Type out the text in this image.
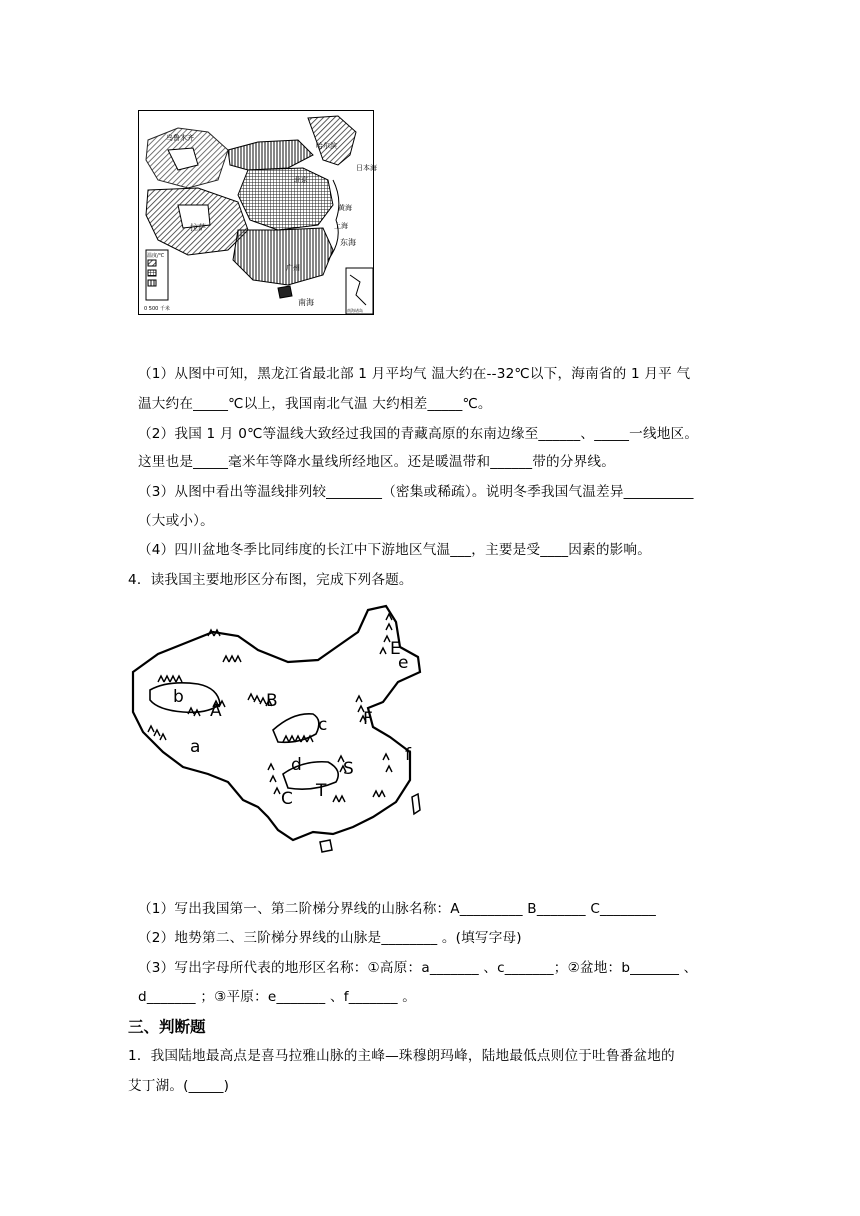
乌鲁木齐
哈尔滨
北京
日本海
黄海
拉萨	上海
东海
广州
南海
温度/℃
0 500 千米	南海诸岛
（1）从图中可知，黑龙江省最北部 1 月平均气 温大约在--32℃以下，海南省的 1 月平 气
温大约在_____℃以上，我国南北气温 大约相差_____℃。
（2）我国 1 月 0℃等温线大致经过我国的青藏高原的东南边缘至______、_____一线地区。
这里也是_____毫米年等降水量线所经地区。还是暖温带和______带的分界线。
（3）从图中看出等温线排列较________（密集或稀疏）。说明冬季我国气温差异__________
（大或小）。
（4）四川盆地冬季比同纬度的长江中下游地区气温___，主要是受____因素的影响。
4．读我国主要地形区分布图，完成下列各题。
A	B
C
E
F
S
T
a
b
c
d
e
f
（1）写出我国第一、第二阶梯分界线的山脉名称：A_________ B_______ C________
（2）地势第二、三阶梯分界线的山脉是________ 。(填写字母)
（3）写出字母所代表的地形区名称：①高原：a_______ 、c_______；②盆地：b_______ 、
d_______ ；③平原：e_______ 、f_______ 。
三、判断题
1．我国陆地最高点是喜马拉雅山脉的主峰—珠穆朗玛峰，陆地最低点则位于吐鲁番盆地的
艾丁湖。(_____)
